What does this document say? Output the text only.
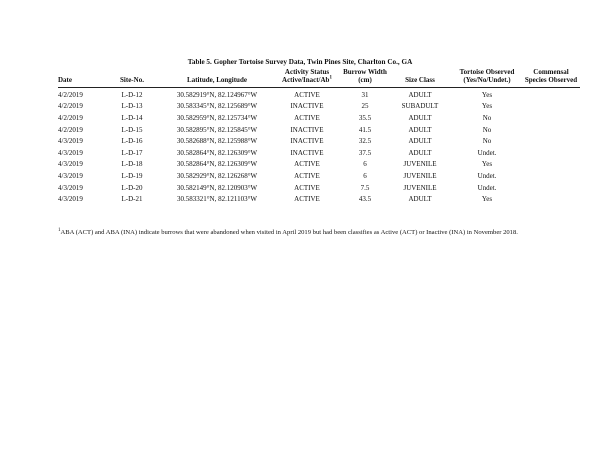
Table 5. Gopher Tortoise Survey Data, Twin Pines Site, Charlton Co., GA
Date	Site-No.	Latitude, Longitude	Activity Status Active/Inact/Ab$^1$	Burrow Width (cm)	Size Class	Tortoise Observed (Yes/No/Undet.)	Commensal Species Observed
4/2/2019	L-D-12	30.582919°N, 82.124967°W	ACTIVE	31	ADULT	Yes	
4/2/2019	L-D-13	30.583345°N, 82.125689°W	INACTIVE	25	SUBADULT	Yes	
4/2/2019	L-D-14	30.582959°N, 82.125734°W	ACTIVE	35.5	ADULT	No	
4/2/2019	L-D-15	30.582895°N, 82.125845°W	INACTIVE	41.5	ADULT	No	
4/3/2019	L-D-16	30.582688°N, 82.125988°W	INACTIVE	32.5	ADULT	No	
4/3/2019	L-D-17	30.582864°N, 82.126309°W	INACTIVE	37.5	ADULT	Undet.	
4/3/2019	L-D-18	30.582864°N, 82.126309°W	ACTIVE	6	JUVENILE	Yes	
4/3/2019	L-D-19	30.582929°N, 82.126268°W	ACTIVE	6	JUVENILE	Undet.	
4/3/2019	L-D-20	30.582149°N, 82.120903°W	ACTIVE	7.5	JUVENILE	Undet.	
4/3/2019	L-D-21	30.583321°N, 82.121103°W	ACTIVE	43.5	ADULT	Yes	
$^1$ABA (ACT) and ABA (INA) indicate burrows that were abandoned when visited in April 2019 but had been classifies as Active (ACT) or Inactive (INA) in November 2018.
